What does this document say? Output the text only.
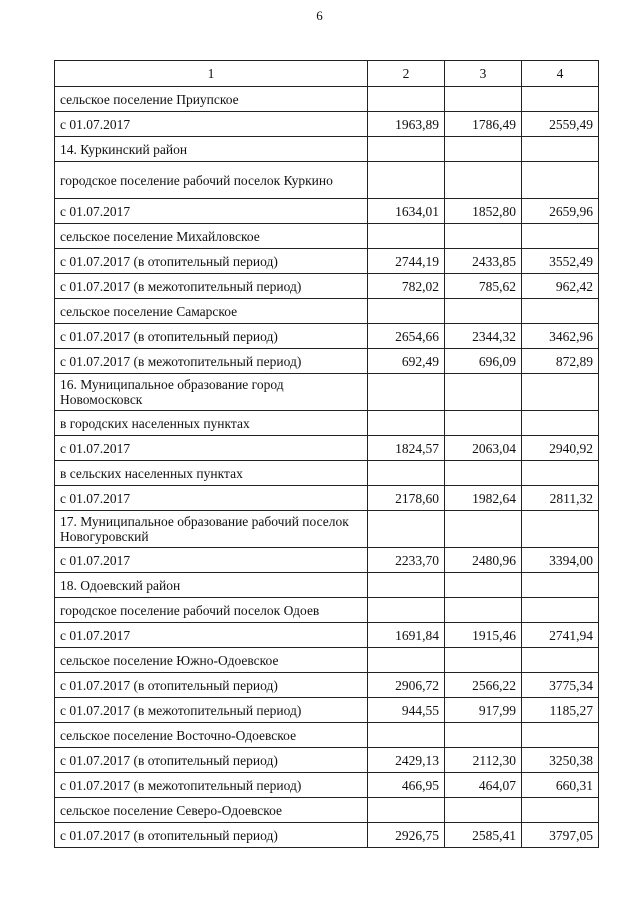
6
1	2	3	4
сельское поселение Приупское			
с 01.07.2017	1963,89	1786,49	2559,49
14. Куркинский район			
городское поселение рабочий поселок Куркино			
с 01.07.2017	1634,01	1852,80	2659,96
сельское поселение Михайловское			
с 01.07.2017 (в отопительный период)	2744,19	2433,85	3552,49
с 01.07.2017 (в межотопительный период)	782,02	785,62	962,42
сельское поселение Самарское			
с 01.07.2017 (в отопительный период)	2654,66	2344,32	3462,96
с 01.07.2017 (в межотопительный период)	692,49	696,09	872,89
16. Муниципальное образование город Новомосковск			
в городских населенных пунктах			
с 01.07.2017	1824,57	2063,04	2940,92
в сельских населенных пунктах			
с 01.07.2017	2178,60	1982,64	2811,32
17. Муниципальное образование рабочий поселок Новогуровский			
с 01.07.2017	2233,70	2480,96	3394,00
18. Одоевский район			
городское поселение рабочий поселок Одоев			
с 01.07.2017	1691,84	1915,46	2741,94
сельское поселение Южно-Одоевское			
с 01.07.2017 (в отопительный период)	2906,72	2566,22	3775,34
с 01.07.2017 (в межотопительный период)	944,55	917,99	1185,27
сельское поселение Восточно-Одоевское			
с 01.07.2017 (в отопительный период)	2429,13	2112,30	3250,38
с 01.07.2017 (в межотопительный период)	466,95	464,07	660,31
сельское поселение Северо-Одоевское			
с 01.07.2017 (в отопительный период)	2926,75	2585,41	3797,05
